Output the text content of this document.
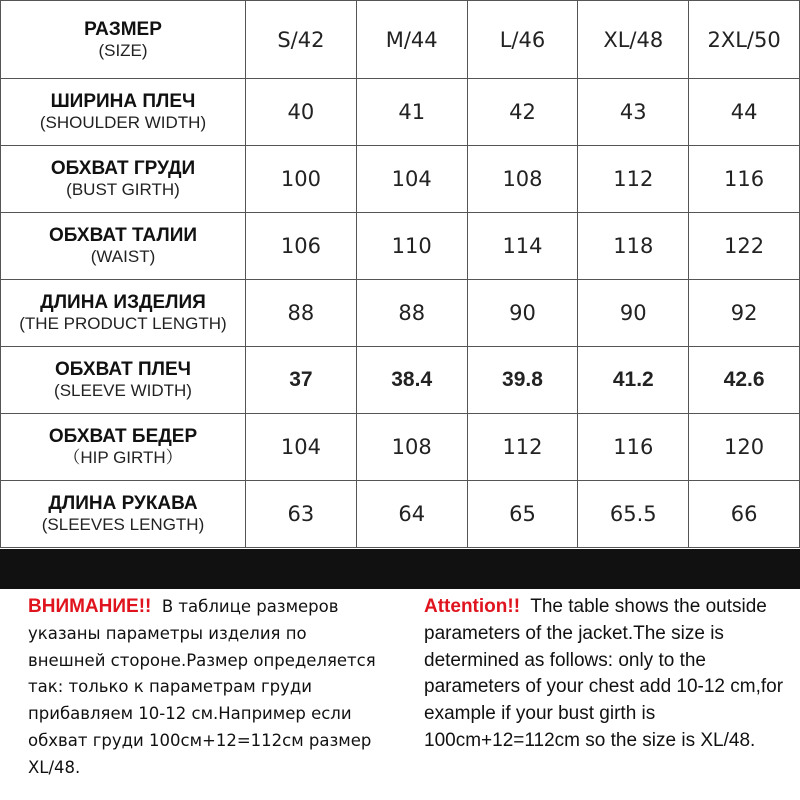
РАЗМЕР
(SIZE)	S/42	M/44	L/46	XL/48	2XL/50

ШИРИНА ПЛЕЧ
(SHOULDER WIDTH)	40	41	42	43	44

ОБХВАТ ГРУДИ
(BUST GIRTH)	100	104	108	112	116

ОБХВАТ ТАЛИИ
(WAIST)	106	110	114	118	122

ДЛИНА ИЗДЕЛИЯ
(THE PRODUCT LENGTH)	88	88	90	90	92

ОБХВАТ ПЛЕЧ
(SLEEVE WIDTH)	37	38.4	39.8	41.2	42.6

ОБХВАТ БЕДЕР
（HIP GIRTH）	104	108	112	116	120

ДЛИНА РУКАВА
(SLEEVES LENGTH)	63	64	65	65.5	66
ВНИМАНИЕ!! В таблице размеров указаны параметры изделия по внешней стороне.Размер определяется так: только к параметрам груди прибавляем 10-12 см.Например если обхват груди 100см+12=112см размер XL/48.
Attention!! The table shows the outside parameters of the jacket.The size is determined as follows: only to the parameters of your chest add 10-12 cm,for example if your bust girth is 100cm+12=112cm so the size is XL/48.
